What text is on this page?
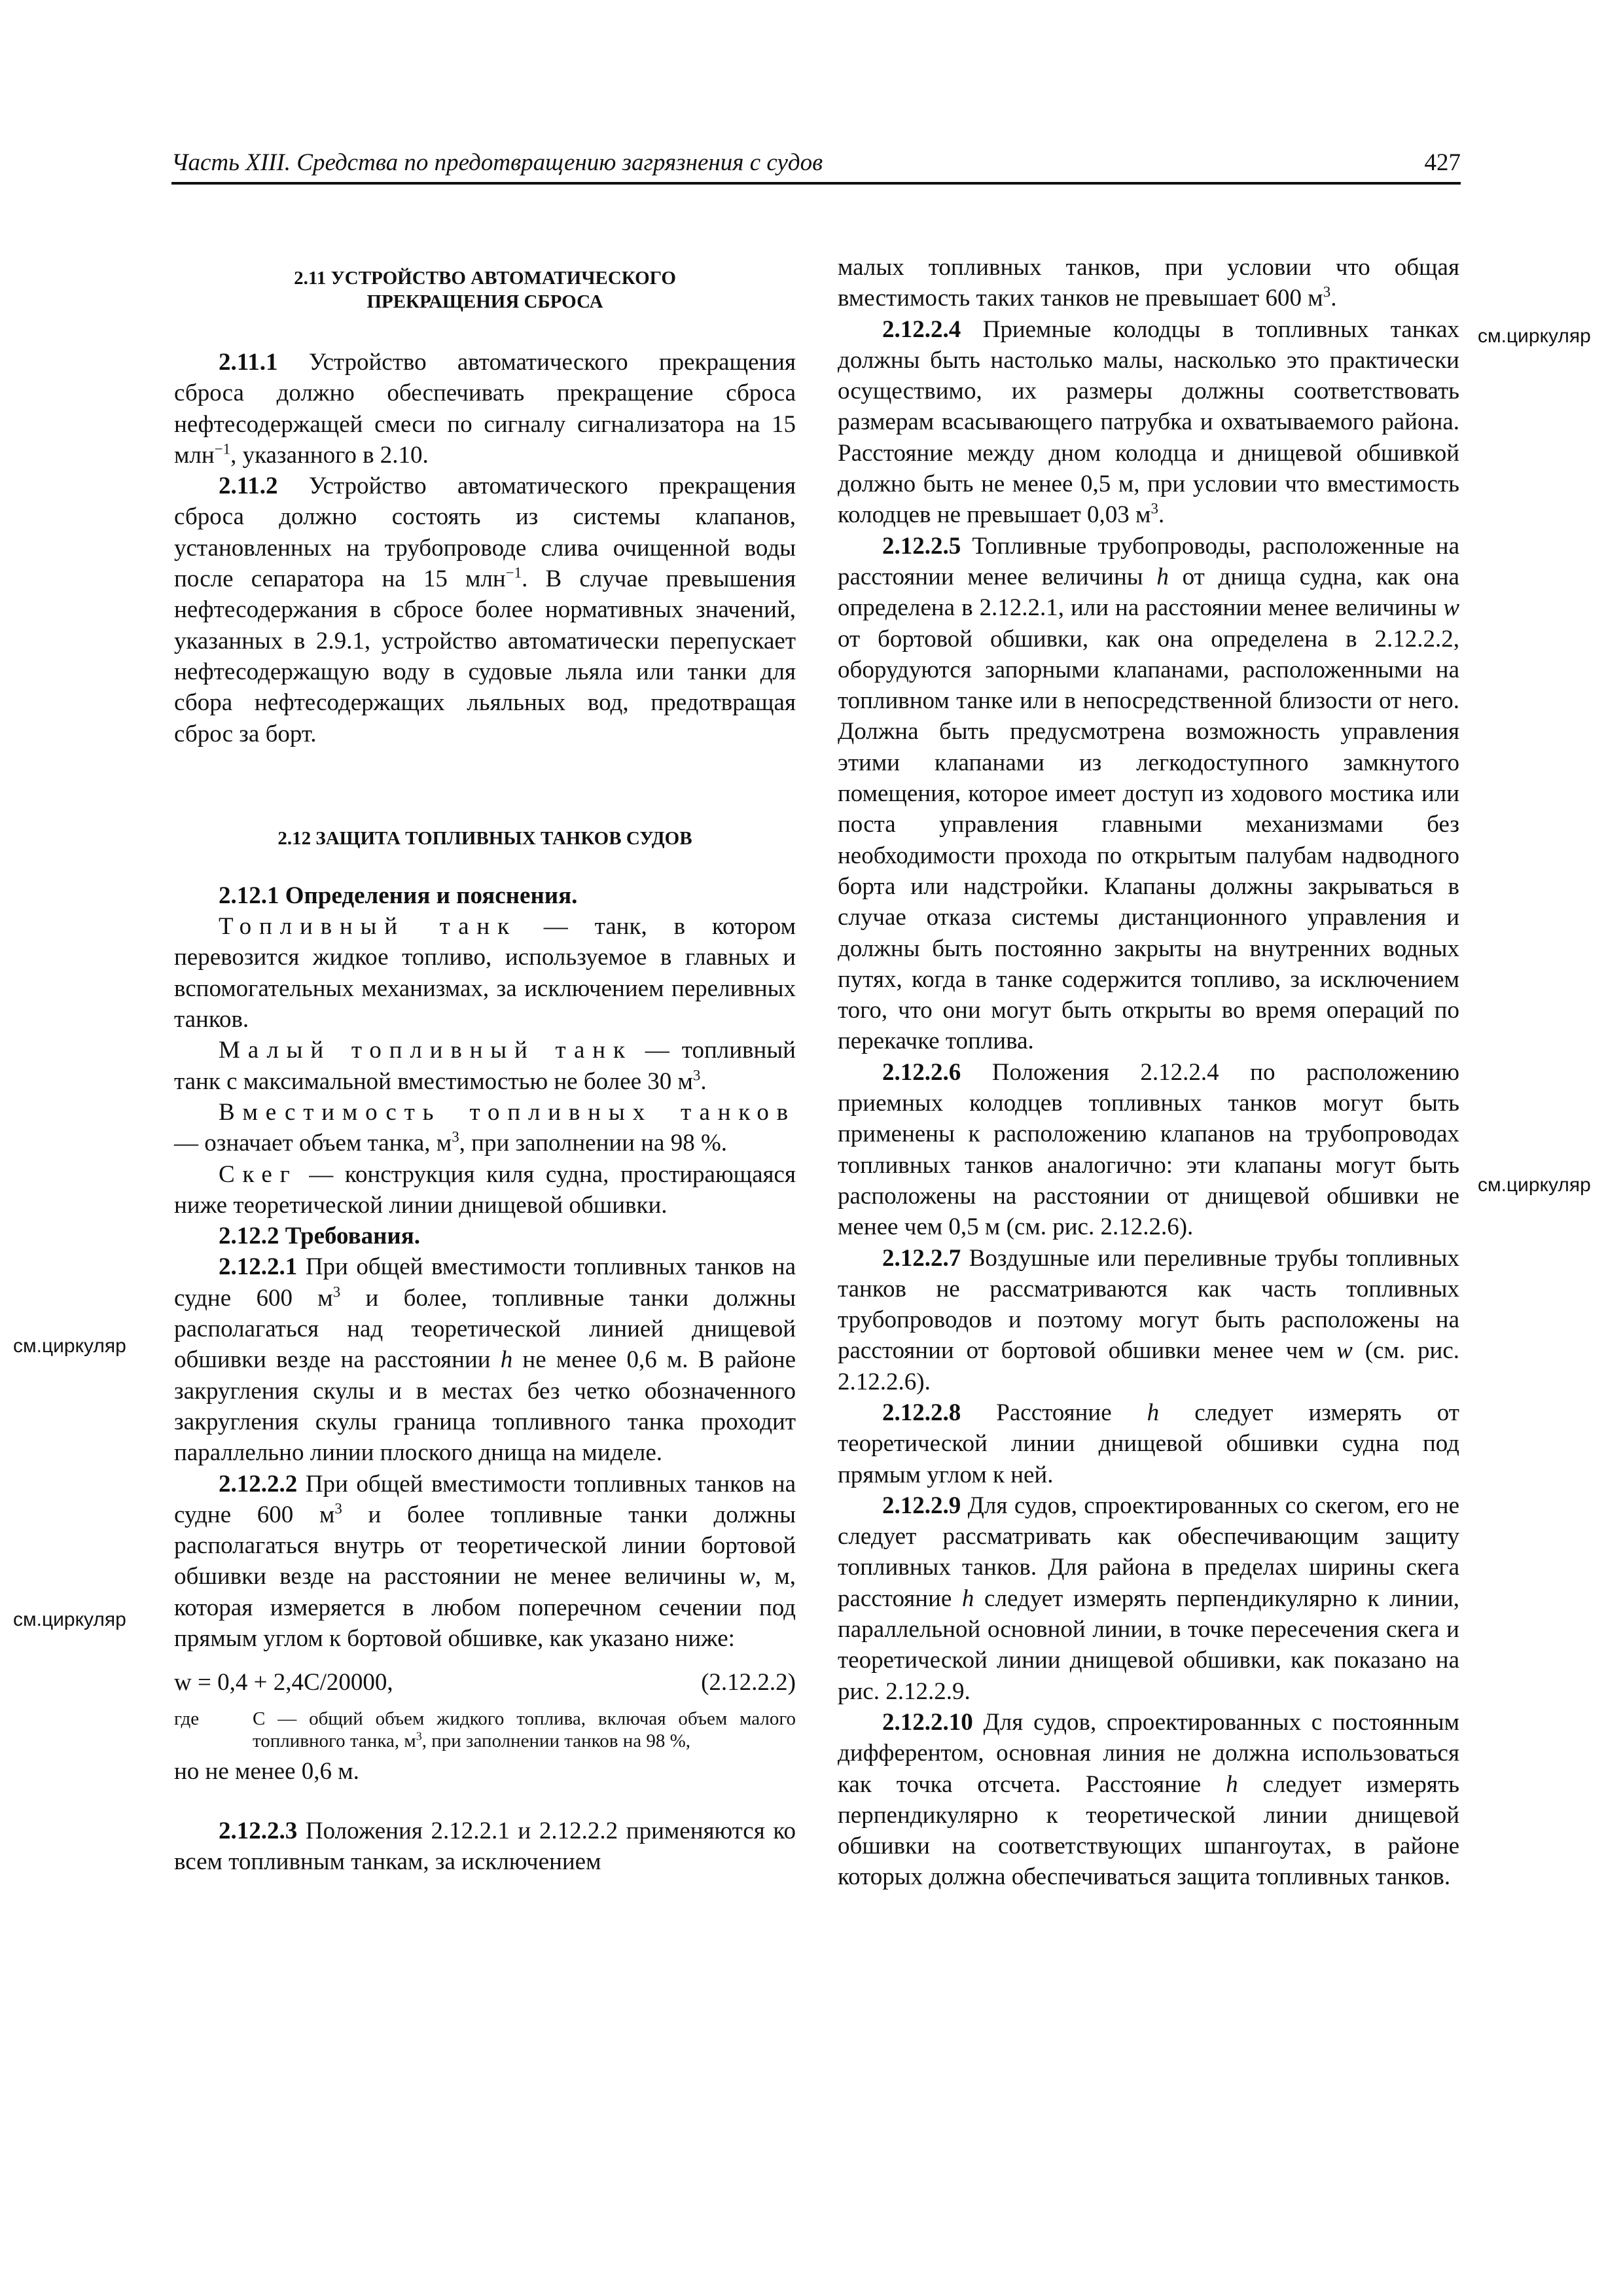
Часть XIII. Средства по предотвращению загрязнения с судов	427
см.циркуляр
см.циркуляр
см.циркуляр
см.циркуляр

2.11 УСТРОЙСТВО АВТОМАТИЧЕСКОГО
ПРЕКРАЩЕНИЯ СБРОСА

2.11.1 Устройство автоматического прекращения сброса должно обеспечивать прекращение сброса нефтесодержащей смеси по сигналу сигнализатора на 15 млн$^{-1}$, указанного в 2.10.

2.11.2 Устройство автоматического прекращения сброса должно состоять из системы клапанов, установленных на трубопроводе слива очищенной воды после сепаратора на 15 млн$^{-1}$. В случае превышения нефтесодержания в сбросе более нормативных значений, указанных в 2.9.1, устройство автоматически перепускает нефтесодержащую воду в судовые льяла или танки для сбора нефтесодержащих льяльных вод, предотвращая сброс за борт.

2.12 ЗАЩИТА ТОПЛИВНЫХ ТАНКОВ СУДОВ

2.12.1 Определения и пояснения.

Топливный танк — танк, в котором перевозится жидкое топливо, используемое в главных и вспомогательных механизмах, за исключением переливных танков.

Малый топливный танк — топливный танк с максимальной вместимостью не более 30 $м^3$.

Вместимость топливных танков — означает объем танка, $м^3$, при заполнении на 98 %.

Скег — конструкция киля судна, простирающаяся ниже теоретической линии днищевой обшивки.

2.12.2 Требования.

2.12.2.1 При общей вместимости топливных танков на судне 600 $м^3$ и более, топливные танки должны располагаться над теоретической линией днищевой обшивки везде на расстоянии h не менее 0,6 м. В районе закругления скулы и в местах без четко обозначенного закругления скулы граница топливного танка проходит параллельно линии плоского днища на миделе.

2.12.2.2 При общей вместимости топливных танков на судне 600 $м^3$ и более топливные танки должны располагаться внутрь от теоретической линии бортовой обшивки везде на расстоянии не менее величины w, м, которая измеряется в любом поперечном сечении под прямым углом к бортовой обшивке, как указано ниже:

w = 0,4 + 2,4C/20000,	(2.12.2.2)
где	C — общий объем жидкого топлива, включая объем малого топливного танка, $м^3$, при заполнении танков на 98 %,

но не менее 0,6 м.

2.12.2.3 Положения 2.12.2.1 и 2.12.2.2 применяются ко всем топливным танкам, за исключением

малых топливных танков, при условии что общая вместимость таких танков не превышает 600 $м^3$.

2.12.2.4 Приемные колодцы в топливных танках должны быть настолько малы, насколько это практически осуществимо, их размеры должны соответствовать размерам всасывающего патрубка и охватываемого района. Расстояние между дном колодца и днищевой обшивкой должно быть не менее 0,5 м, при условии что вместимость колодцев не превышает 0,03 $м^3$.

2.12.2.5 Топливные трубопроводы, расположенные на расстоянии менее величины h от днища судна, как она определена в 2.12.2.1, или на расстоянии менее величины w от бортовой обшивки, как она определена в 2.12.2.2, оборудуются запорными клапанами, расположенными на топливном танке или в непосредственной близости от него. Должна быть предусмотрена возможность управления этими клапанами из легкодоступного замкнутого помещения, которое имеет доступ из ходового мостика или поста управления главными механизмами без необходимости прохода по открытым палубам надводного борта или надстройки. Клапаны должны закрываться в случае отказа системы дистанционного управления и должны быть постоянно закрыты на внутренних водных путях, когда в танке содержится топливо, за исключением того, что они могут быть открыты во время операций по перекачке топлива.

2.12.2.6 Положения 2.12.2.4 по расположению приемных колодцев топливных танков могут быть применены к расположению клапанов на трубопроводах топливных танков аналогично: эти клапаны могут быть расположены на расстоянии от днищевой обшивки не менее чем 0,5 м (см. рис. 2.12.2.6).

2.12.2.7 Воздушные или переливные трубы топливных танков не рассматриваются как часть топливных трубопроводов и поэтому могут быть расположены на расстоянии от бортовой обшивки менее чем w (см. рис. 2.12.2.6).

2.12.2.8 Расстояние h следует измерять от теоретической линии днищевой обшивки судна под прямым углом к ней.

2.12.2.9 Для судов, спроектированных со скегом, его не следует рассматривать как обеспечивающим защиту топливных танков. Для района в пределах ширины скега расстояние h следует измерять перпендикулярно к линии, параллельной основной линии, в точке пересечения скега и теоретической линии днищевой обшивки, как показано на рис. 2.12.2.9.

2.12.2.10 Для судов, спроектированных с постоянным дифферентом, основная линия не должна использоваться как точка отсчета. Расстояние h следует измерять перпендикулярно к теоретической линии днищевой обшивки на соответствующих шпангоутах, в районе которых должна обеспечиваться защита топливных танков.
